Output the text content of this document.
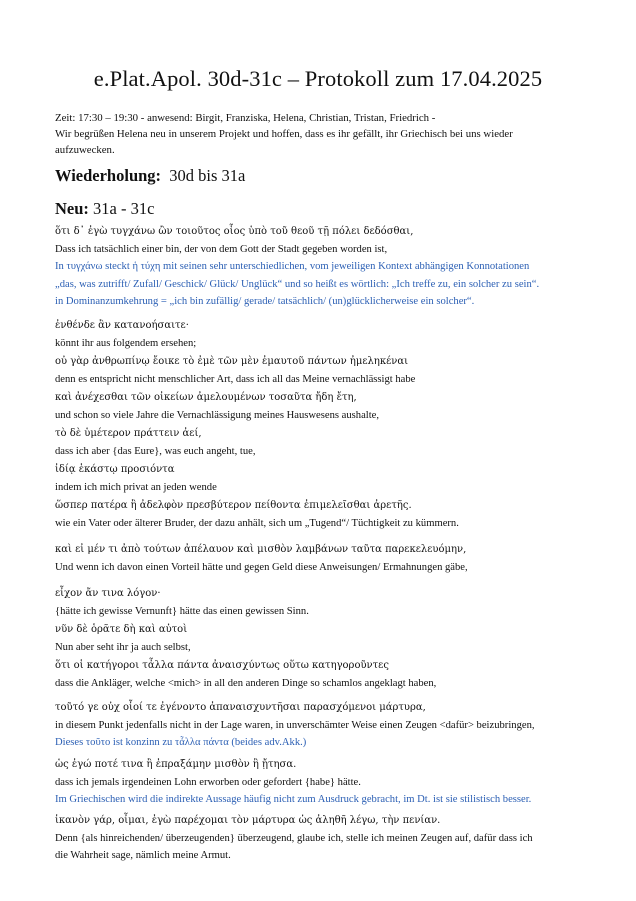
e.Plat.Apol. 30d-31c – Protokoll zum 17.04.2025
Zeit: 17:30 – 19:30 - anwesend: Birgit, Franziska, Helena, Christian, Tristan, Friedrich -
Wir begrüßen Helena neu in unserem Projekt und hoffen, dass es ihr gefällt, ihr Griechisch bei uns wieder
aufzuwecken.
Wiederholung: 30d bis 31a
Neu: 31a - 31c
ὅτι δ᾽ ἐγὼ τυγχάνω ὢν τοιοῦτος οἷος ὑπὸ τοῦ θεοῦ τῇ πόλει δεδόσθαι,
Dass ich tatsächlich einer bin, der von dem Gott der Stadt gegeben worden ist,
In τυγχάνω steckt ἡ τύχη mit seinen sehr unterschiedlichen, vom jeweiligen Kontext abhängigen Konnotationen
„das, was zutrifft/ Zufall/ Geschick/ Glück/ Unglück“ und so heißt es wörtlich: „Ich treffe zu, ein solcher zu sein“.
in Dominanzumkehrung = „ich bin zufällig/ gerade/ tatsächlich/ (un)glücklicherweise ein solcher“.
ἐνθένδε ἂν κατανοήσαιτε·
könnt ihr aus folgendem ersehen;
οὐ γὰρ ἀνθρωπίνῳ ἔοικε τὸ ἐμὲ τῶν μὲν ἐμαυτοῦ πάντων ἠμεληκέναι
denn es entspricht nicht menschlicher Art, dass ich all das Meine vernachlässigt habe
καὶ ἀνέχεσθαι τῶν οἰκείων ἀμελουμένων τοσαῦτα ἤδη ἔτη,
und schon so viele Jahre die Vernachlässigung meines Hauswesens aushalte,
τὸ δὲ ὑμέτερον πράττειν ἀεί,
dass ich aber {das Eure}, was euch angeht, tue,
ἰδίᾳ ἑκάστῳ προσιόντα
indem ich mich privat an jeden wende
ὥσπερ πατέρα ἢ ἀδελφὸν πρεσβύτερον πείθοντα ἐπιμελεῖσθαι ἀρετῆς.
wie ein Vater oder älterer Bruder, der dazu anhält, sich um „Tugend“/ Tüchtigkeit zu kümmern.
καὶ εἰ μέν τι ἀπὸ τούτων ἀπέλαυον καὶ μισθὸν λαμβάνων ταῦτα παρεκελευόμην,
Und wenn ich davon einen Vorteil hätte und gegen Geld diese Anweisungen/ Ermahnungen gäbe,
εἶχον ἄν τινα λόγον·
{hätte ich gewisse Vernunft} hätte das einen gewissen Sinn.
νῦν δὲ ὁρᾶτε δὴ καὶ αὐτοὶ
Nun aber seht ihr ja auch selbst,
ὅτι οἱ κατήγοροι τἆλλα πάντα ἀναισχύντως οὕτω κατηγοροῦντες
dass die Ankläger, welche <mich> in all den anderen Dinge so schamlos angeklagt haben,
τοῦτό γε οὐχ οἷοί τε ἐγένοντο ἀπαναισχυντῆσαι παρασχόμενοι μάρτυρα,
in diesem Punkt jedenfalls nicht in der Lage waren, in unverschämter Weise einen Zeugen <dafür> beizubringen,
Dieses τοῦτο ist konzinn zu τἆλλα πάντα (beides adv.Akk.)
ὡς ἐγώ ποτέ τινα ἢ ἐπραξάμην μισθὸν ἢ ᾔτησα.
dass ich jemals irgendeinen Lohn erworben oder gefordert {habe} hätte.
Im Griechischen wird die indirekte Aussage häufig nicht zum Ausdruck gebracht, im Dt. ist sie stilistisch besser.
ἱκανὸν γάρ, οἶμαι, ἐγὼ παρέχομαι τὸν μάρτυρα ὡς ἀληθῆ λέγω, τὴν πενίαν.
Denn {als hinreichenden/ überzeugenden} überzeugend, glaube ich, stelle ich meinen Zeugen auf, dafür dass ich
die Wahrheit sage, nämlich meine Armut.
